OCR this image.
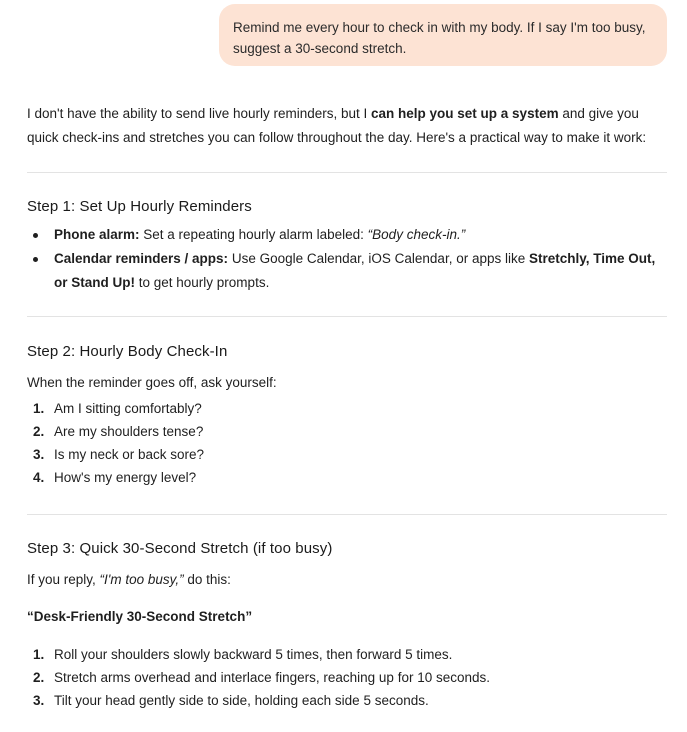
Remind me every hour to check in with my body. If I say I'm too busy, suggest a 30-second stretch.

I don't have the ability to send live hourly reminders, but I can help you set up a system and give you quick check-ins and stretches you can follow throughout the day. Here's a practical way to make it work:

Step 1: Set Up Hourly Reminders
Phone alarm: Set a repeating hourly alarm labeled: “Body check-in.”
Calendar reminders / apps: Use Google Calendar, iOS Calendar, or apps like Stretchly, Time Out, or Stand Up! to get hourly prompts.
Step 2: Hourly Body Check-In

When the reminder goes off, ask yourself:

1. Am I sitting comfortably?
2. Are my shoulders tense?
3. Is my neck or back sore?
4. How's my energy level?
Step 3: Quick 30-Second Stretch (if too busy)

If you reply, “I'm too busy,” do this:

“Desk-Friendly 30-Second Stretch”

1. Roll your shoulders slowly backward 5 times, then forward 5 times.
2. Stretch arms overhead and interlace fingers, reaching up for 10 seconds.
3. Tilt your head gently side to side, holding each side 5 seconds.
